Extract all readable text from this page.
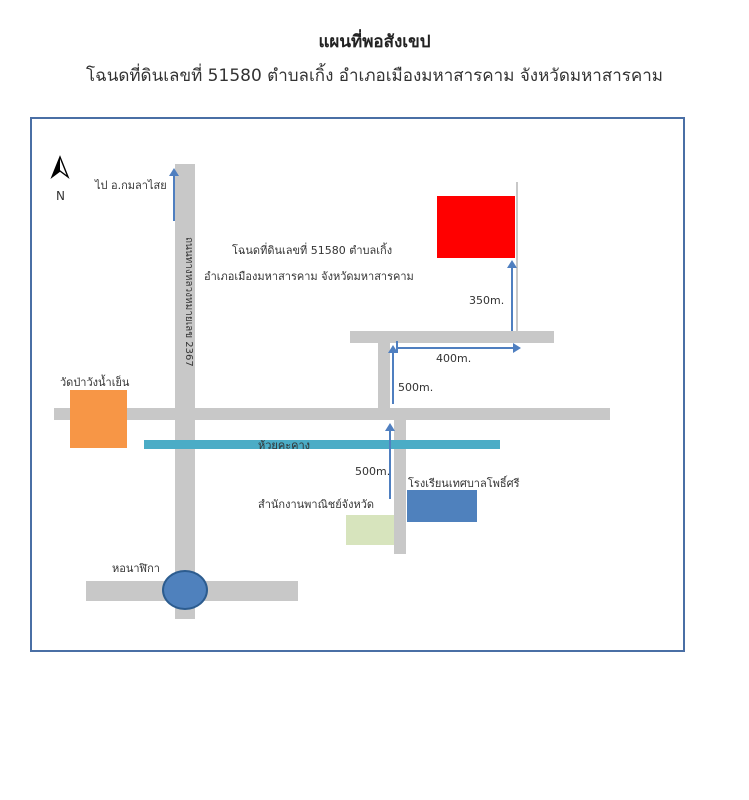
แผนที่พอสังเขป
โฉนดที่ดินเลขที่ 51580 ตำบลเกิ้ง อำเภอเมืองมหาสารคาม จังหวัดมหาสารคาม
N
ห้วยคะคาง
วัดป่าวังน้ำเย็น
โรงเรียนเทศบาลโพธิ์ศรี
สำนักงานพาณิชย์จังหวัด
หอนาฬิกา
ไป อ.กมลาไสย
ถนนทางหลวงหมายเลข 2367	โฉนดที่ดินเลขที่ 51580 ตำบลเกิ้ง
อำเภอเมืองมหาสารคาม จังหวัดมหาสารคาม
350m.
400m.
500m.
500m.
